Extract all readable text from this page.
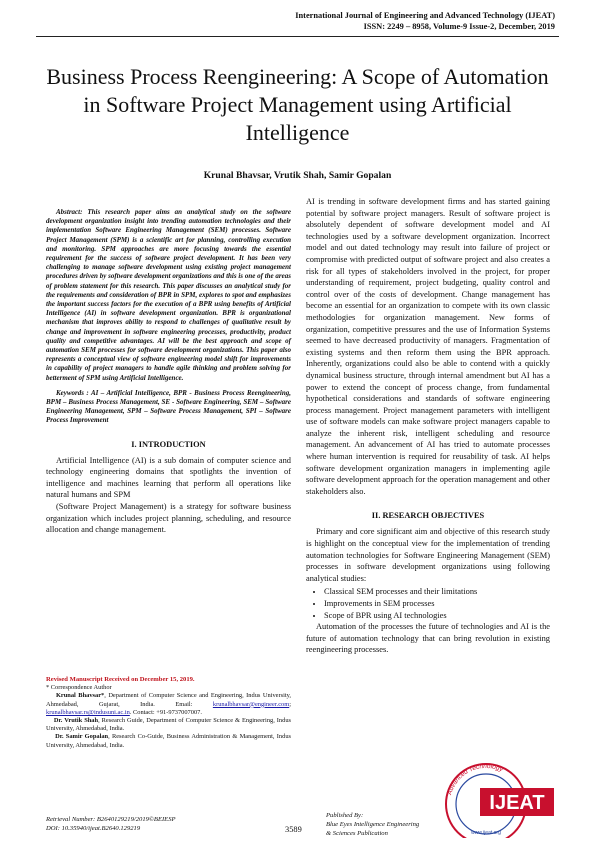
International Journal of Engineering and Advanced Technology (IJEAT)
ISSN: 2249 – 8958, Volume-9 Issue-2, December, 2019
Business Process Reengineering: A Scope of Automation in Software Project Management using Artificial Intelligence
Krunal Bhavsar, Vrutik Shah, Samir Gopalan

Abstract: This research paper aims an analytical study on the software development organization insight into trending automation technologies and their implementation Software Engineering Management (SEM) processes. Software Project Management (SPM) is a scientific art for planning, controlling execution and monitoring. SPM approaches are more focusing towards the essential requirement for the success of software project development. It has been very challenging to manage software development using existing project management procedures driven by software development organizations and this is one of the areas of problem statement for this research. This paper discusses an analytical study for the requirements and consideration of BPR in SPM, explores to spot and emphasizes the important success factors for the execution of a BPR using benefits of Artificial Intelligence (AI) in software development organization. BPR is organizational mechanism that improves ability to respond to challenges of qualitative result by change and improvement in software engineering processes, productivity, product quality and competitive advantages. AI will be the best approach and scope of automation SEM processes for software development organizations. This paper also represents a conceptual view of software engineering model shift for improvements in capability of project managers to handle agile thinking and problem solving for betterment of SPM using Artificial Intelligence.

Keywords : AI – Artificial Intelligence, BPR - Business Process Reengineering, BPM – Business Process Management, SE - Software Engineering, SEM – Software Engineering Management, SPM – Software Process Management, SPI – Software Process Improvement

I. INTRODUCTION

Artificial Intelligence (AI) is a sub domain of computer science and technology engineering domains that spotlights the invention of intelligence and machines learning that perform all operations like natural humans and SPM

(Software Project Management) is a strategy for software business organization which includes project planning, scheduling, and resource allocation and change management.

AI is trending in software development firms and has started gaining potential by software project managers. Result of software project is absolutely dependent of software development model and AI technologies used by a software development organization. Incorrect model and out dated technology may result into failure of project or compromise with predicted output of software project and also creates a risk for all types of stakeholders involved in the project, for proper understanding of requirement, project budgeting, quality control and control over of the costs of development. Change management has become an essential for an organization to compete with its own classic methodologies for organization management. New forms of organization, competitive pressures and the use of Information Systems seemed to have decreased productivity of managers. Fragmentation of existing systems and then reform them using the BPR approach. Inherently, organizations could also be able to contend with a quickly dynamical business structure, through internal amendment but AI has a power to extend the concept of process change, from fundamental hypothetical considerations and standards of software engineering process management. Project management parameters with intelligent use of software models can make software project managers capable to analyze the inherent risk, intelligent scheduling and resource management. An advancement of AI has tried to automate processes where human intervention is required for reusability of task. AI helps software development organization managers in implementing agile software development approach for the operation management and other stakeholders also.

II. RESEARCH OBJECTIVES

Primary and core significant aim and objective of this research study is highlight on the conceptual view for the implementation of trending automation technologies for Software Engineering Management (SEM) processes in software development organizations using following analytical studies:

• Classical SEM processes and their limitations
• Improvements in SEM processes
• Scope of BPR using AI technologies

Automation of the processes the future of technologies and AI is the future of automation technology that can bring revolution in existing reengineering processes.

Revised Manuscript Received on December 15, 2019.

* Correspondence Author

Krunal Bhavsar*, Department of Computer Science and Engineering, Indus University, Ahmedabad, Gujarat, India. Email:	krunalbhavsar@engineer.com; krunalbhavsar.rs@indusuni.ac.in. Contact: +91-9737007007.

Dr. Vrutik Shah, Research Guide, Department of Computer Science & Engineering, Indus University, Ahmedabad, India.

Dr. Samir Gopalan, Research Co-Guide, Business Administration & Management, Indus University, Ahmedabad, India.

Retrieval Number: B2640129219/2019©BEIESP
DOI: 10.35940/ijeat.B2640.129219	3589
Published By:
Blue Eyes Intelligence Engineering
& Sciences Publication
Advanced Technology
IJEAT
www.ijeat.org
